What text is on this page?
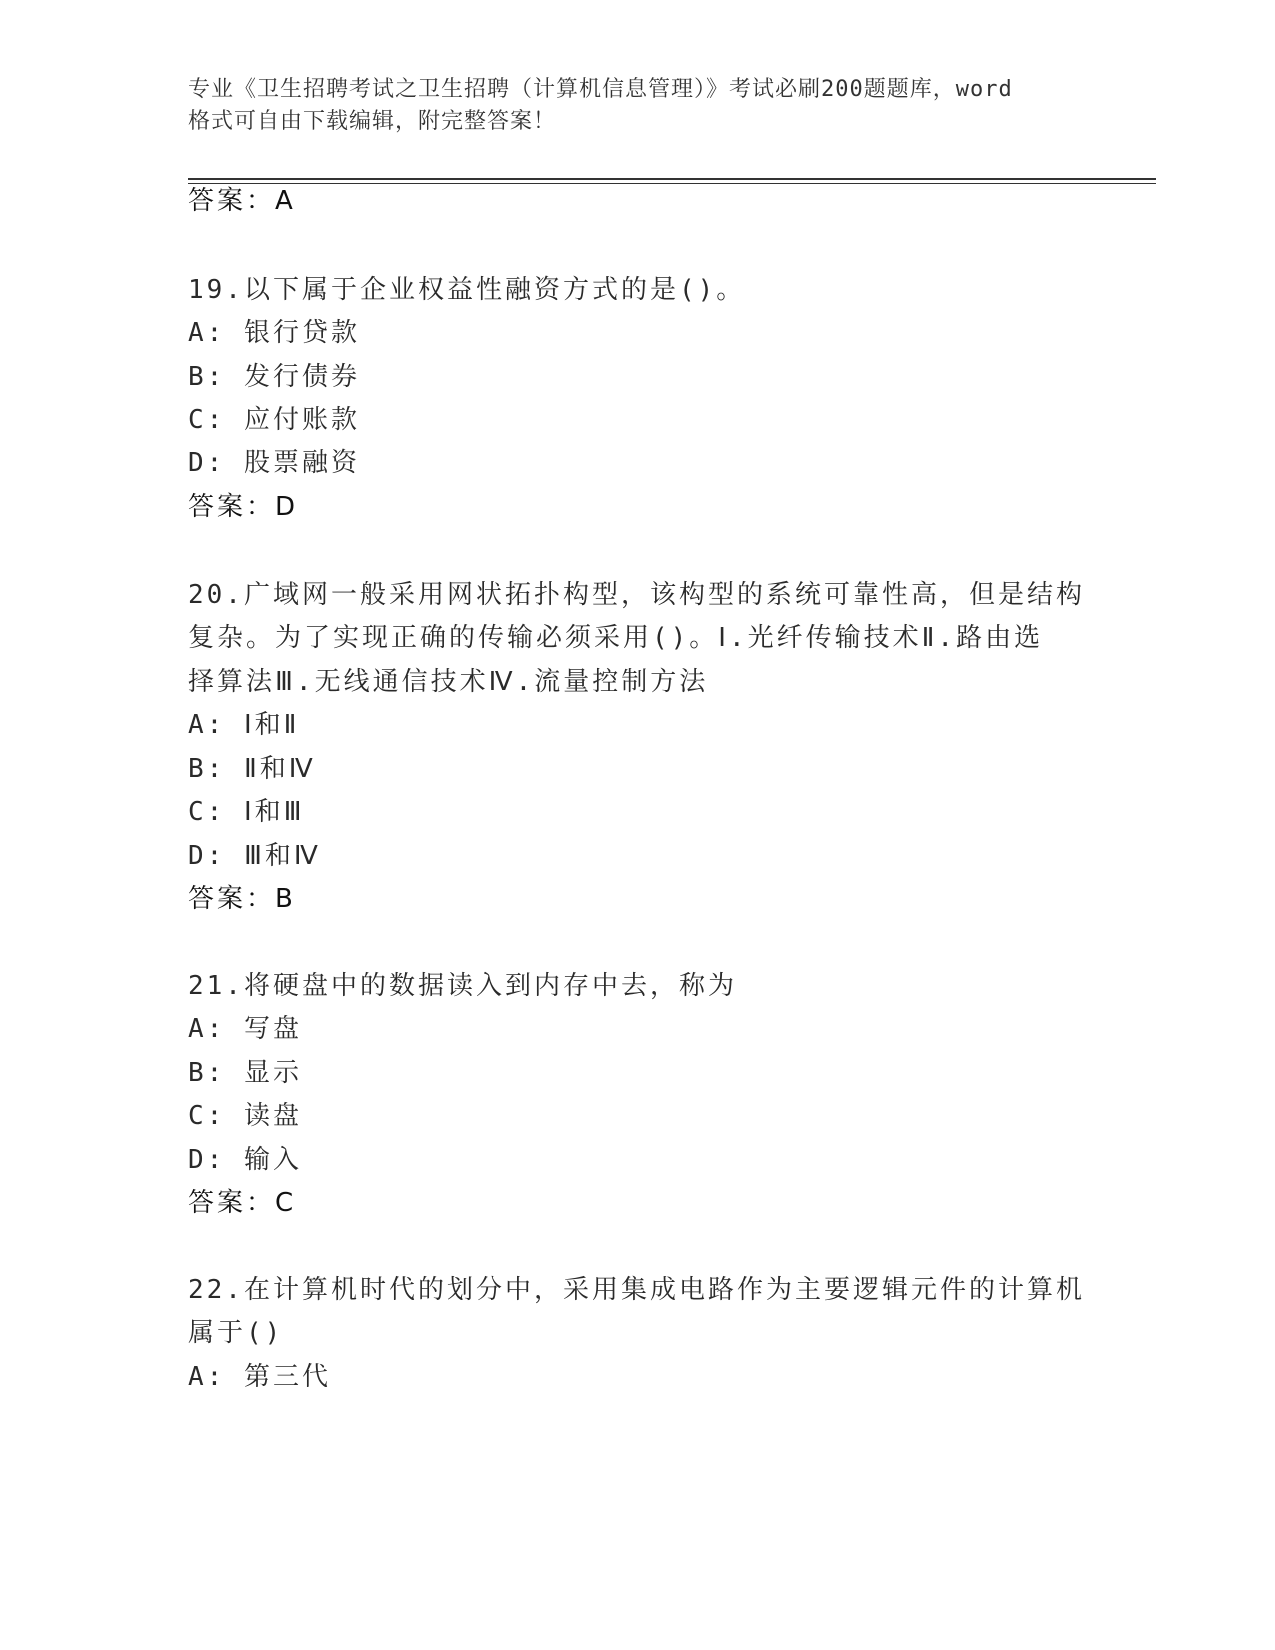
专业《卫生招聘考试之卫生招聘（计算机信息管理）》考试必刷200题题库，word
格式可自由下载编辑，附完整答案！
答案：A
19.以下属于企业权益性融资方式的是()。
A: 银行贷款
B: 发行债券
C: 应付账款
D: 股票融资
答案：D
20.广域网一般采用网状拓扑构型，该构型的系统可靠性高，但是结构
复杂。为了实现正确的传输必须采用()。Ⅰ.光纤传输技术Ⅱ.路由选
择算法Ⅲ.无线通信技术Ⅳ.流量控制方法
A: Ⅰ和Ⅱ
B: Ⅱ和Ⅳ
C: Ⅰ和Ⅲ
D: Ⅲ和Ⅳ
答案：B
21.将硬盘中的数据读入到内存中去，称为
A: 写盘
B: 显示
C: 读盘
D: 输入
答案：C
22.在计算机时代的划分中，采用集成电路作为主要逻辑元件的计算机
属于()
A: 第三代
